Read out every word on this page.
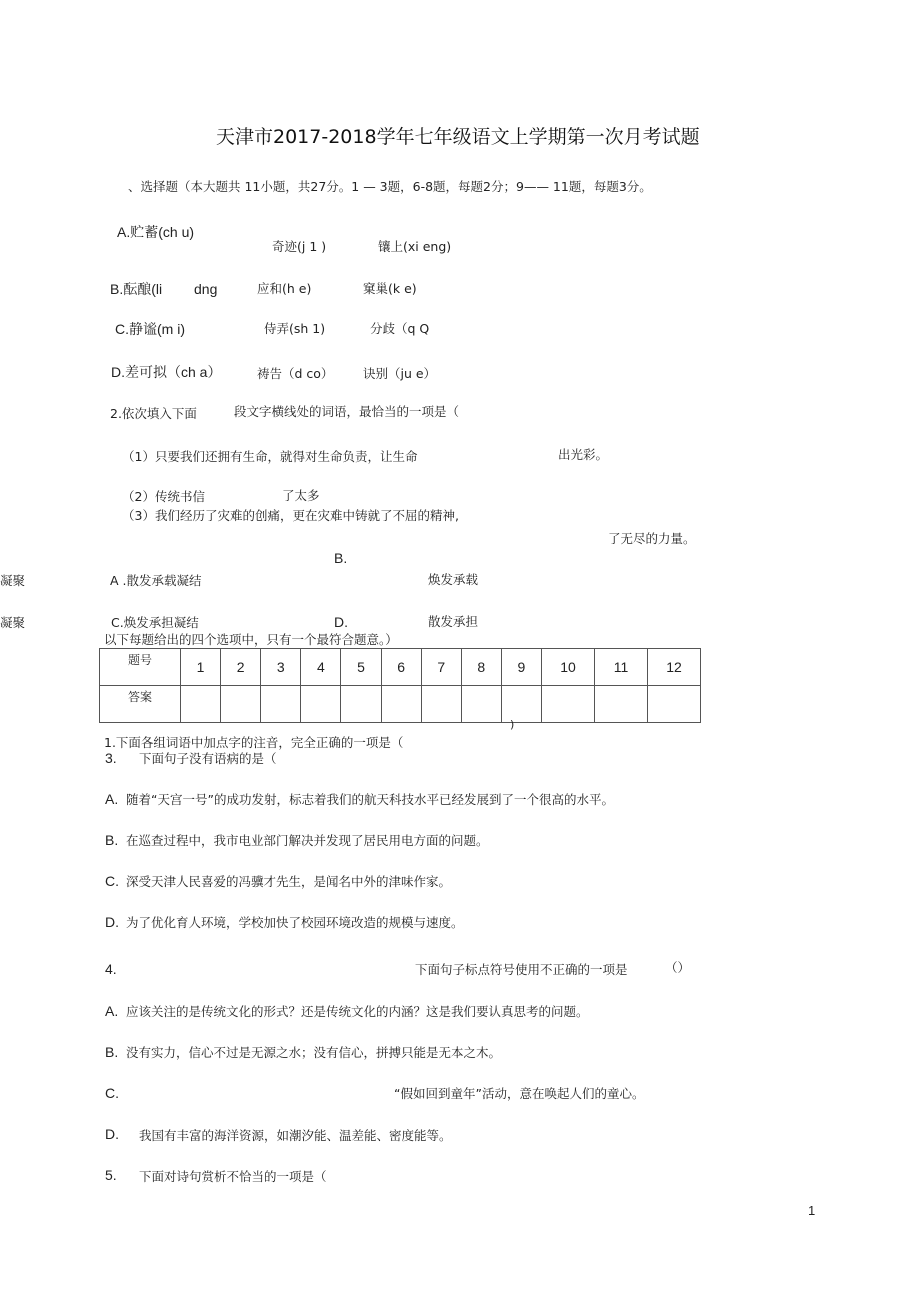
天津市2017-2018学年七年级语文上学期第一次月考试题
、选择题（本大题共 11小题，共27分。1 — 3题，6-8题，每题2分；9—— 11题，每题3分。
A.贮蓄(ch u)
奇迹(j 1 )	镶上(xi eng)
B.酝酿(li dng	应和(h e)	窠巢(k e)
C.静谧(m i)	侍弄(sh 1)	分歧（q Q
D.差可拟（ch a）	祷告（d co） 诀别（ju e）
2.依次填入下面	段文字横线处的词语，最恰当的一项是（
（1）只要我们还拥有生命，就得对生命负责，让生命	出光彩。
（2）传统书信	了太多
（3）我们经历了灾难的创痛，更在灾难中铸就了不屈的精神,
了无尽的力量。
B.
凝聚	A .散发承载凝结	焕发承载
凝聚	C.焕发承担凝结	D.	散发承担
以下每题给出的四个选项中，只有一个最符合题意。）
题号	1	2	3	4	5	6	7	8	9	10	11	12
答案												
)
1.下面各组词语中加点字的注音，完全正确的一项是（
3. 下面句子没有语病的是（
A. 随着“天宫一号”的成功发射，标志着我们的航天科技水平已经发展到了一个很高的水平。
B. 在巡查过程中，我市电业部门解决并发现了居民用电方面的问题。
C. 深受天津人民喜爱的冯骥才先生，是闻名中外的津味作家。
D. 为了优化育人环境，学校加快了校园环境改造的规模与速度。
4.	下面句子标点符号使用不正确的一项是	（）
A. 应该关注的是传统文化的形式？还是传统文化的内涵？这是我们要认真思考的问题。
B. 没有实力，信心不过是无源之水；没有信心，拼搏只能是无本之木。
C.	“假如回到童年”活动，意在唤起人们的童心。
D. 我国有丰富的海洋资源，如潮汐能、温差能、密度能等。
5. 下面对诗句赏析不恰当的一项是（
1
